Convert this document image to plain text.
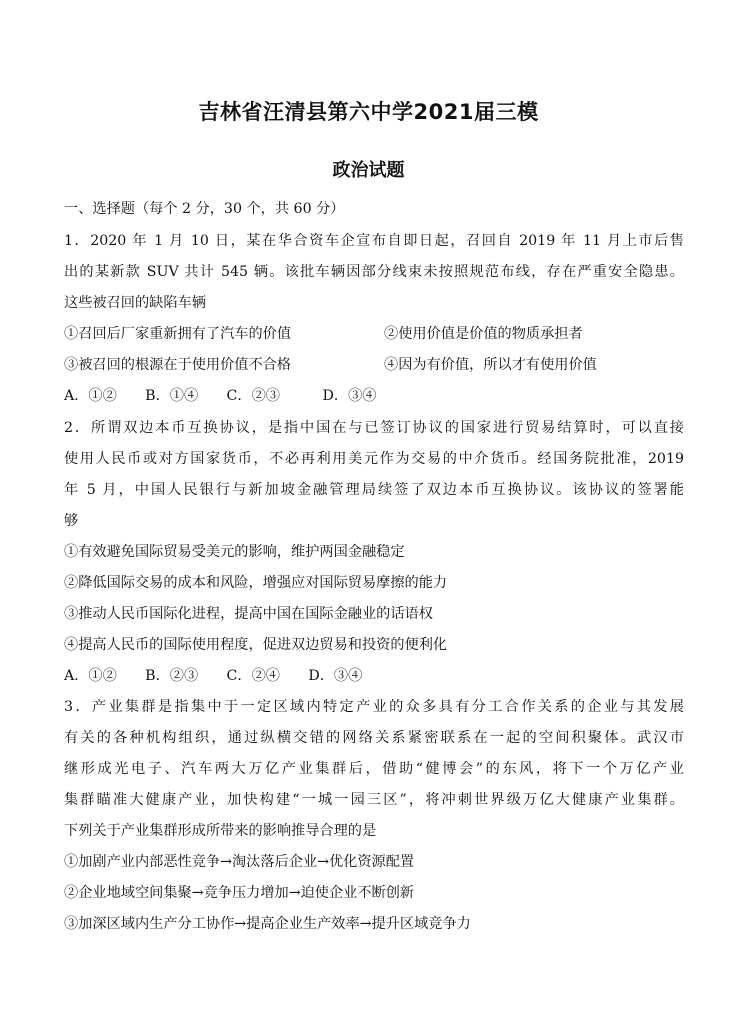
吉林省汪清县第六中学2021届三模
政治试题
一、选择题（每个 2 分，30 个，共 60 分）
1．2020 年 1 月 10 日，某在华合资车企宣布自即日起，召回自 2019 年 11 月上市后售
出的某新款 SUV 共计 545 辆。该批车辆因部分线束未按照规范布线，存在严重安全隐患。
这些被召回的缺陷车辆
①召回后厂家重新拥有了汽车的价值	②使用价值是价值的物质承担者
③被召回的根源在于使用价值不合格	④因为有价值，所以才有使用价值
A．①②　　B．①④　　C．②③　　　D．③④
2．所谓双边本币互换协议，是指中国在与已签订协议的国家进行贸易结算时，可以直接
使用人民币或对方国家货币，不必再利用美元作为交易的中介货币。经国务院批准，2019
年 5 月，中国人民银行与新加坡金融管理局续签了双边本币互换协议。该协议的签署能
够
①有效避免国际贸易受美元的影响，维护两国金融稳定
②降低国际交易的成本和风险，增强应对国际贸易摩擦的能力
③推动人民币国际化进程，提高中国在国际金融业的话语权
④提高人民币的国际使用程度，促进双边贸易和投资的便利化
A．①②　　B．②③　　C．②④　　D．③④
3．产业集群是指集中于一定区域内特定产业的众多具有分工合作关系的企业与其发展
有关的各种机构组织，通过纵横交错的网络关系紧密联系在一起的空间积聚体。武汉市
继形成光电子、汽车两大万亿产业集群后，借助“健博会”的东风，将下一个万亿产业
集群瞄准大健康产业，加快构建“一城一园三区”，将冲刺世界级万亿大健康产业集群。
下列关于产业集群形成所带来的影响推导合理的是
①加剧产业内部恶性竞争→淘汰落后企业→优化资源配置
②企业地域空间集聚→竞争压力增加→迫使企业不断创新
③加深区域内生产分工协作→提高企业生产效率→提升区域竞争力
